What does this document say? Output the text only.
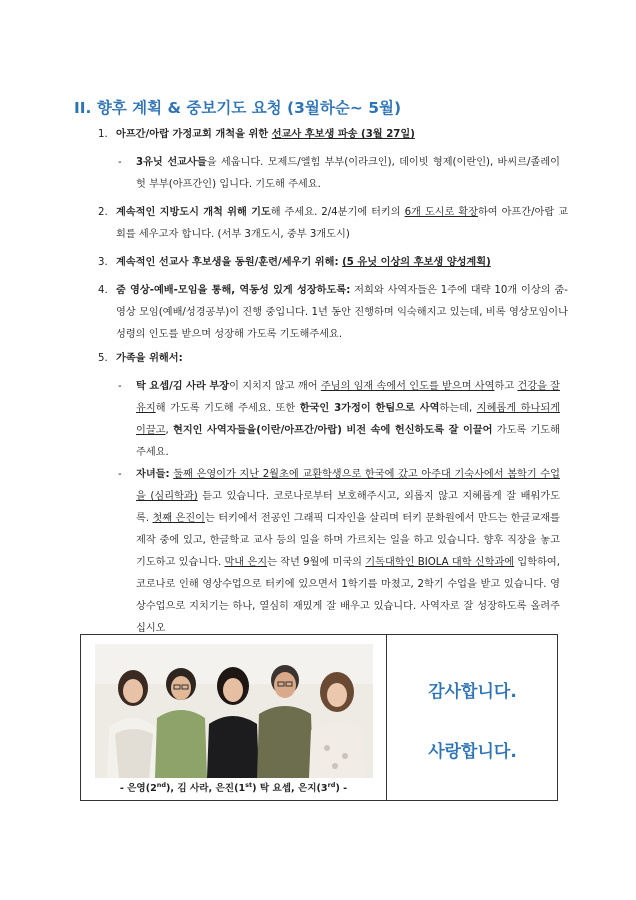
II. 향후 계획 & 중보기도 요청 (3월하순~ 5월)
1. 아프간/아랍 가정교회 개척을 위한 선교사 후보생 파송 (3월 27일)
- 3유닛 선교사들을 세웁니다. 모제드/엘힘 부부(이라크인), 데이빗 형제(이란인), 바씨르/졸레이헛 부부(아프간인) 입니다. 기도해 주세요.
2. 계속적인 지방도시 개척 위해 기도해 주세요. 2/4분기에 터키의 6개 도시로 확장하여 아프간/아랍 교회를 세우고자 합니다. (서부 3개도시, 중부 3개도시)
3. 계속적인 선교사 후보생을 동원/훈련/세우기 위해: (5 유닛 이상의 후보생 양성계획)
4. 줌 영상-예배-모임을 통해, 역동성 있게 성장하도록: 저희와 사역자들은 1주에 대략 10개 이상의 줌-영상 모임(예배/성경공부)이 진행 중입니다. 1년 동안 진행하며 익숙해지고 있는데, 비록 영상모임이나 성령의 인도를 받으며 성장해 가도록 기도해주세요.
5. 가족을 위해서:
- 탁 요셉/김 사라 부장이 지치지 않고 깨어 주님의 임재 속에서 인도를 받으며 사역하고 건강을 잘 유지해 가도록 기도해 주세요. 또한 한국인 3가정이 한팀으로 사역하는데, 지혜롭게 하나되게 이끌고, 현지인 사역자들을(이란/아프간/아랍) 비전 속에 헌신하도록 잘 이끌어 가도록 기도해주세요.
- 자녀들: 둘째 은영이가 지난 2월초에 교환학생으로 한국에 갔고 아주대 기숙사에서 봄학기 수업을 (심리학과) 듣고 있습니다. 코로나로부터 보호해주시고, 외롭지 않고 지혜롭게 잘 배워가도록. 첫째 은진이는 터키에서 전공인 그래픽 디자인을 살리며 터키 문화원에서 만드는 한글교재를 제작 중에 있고, 한글학교 교사 등의 일을 하며 가르치는 일을 하고 있습니다. 향후 직장을 놓고 기도하고 있습니다. 막내 은지는 작년 9월에 미국의 기독대학인 BIOLA 대학 신학과에 입학하여, 코로나로 인해 영상수업으로 터키에 있으면서 1학기를 마쳤고, 2학기 수업을 받고 있습니다. 영상수업으로 지치기는 하나, 열심히 재밌게 잘 배우고 있습니다. 사역자로 잘 성장하도록 올려주십시오
- 은영(2nd), 김 사라, 은진(1st) 탁 요셉, 은지(3rd) -
감사합니다.
사랑합니다.
